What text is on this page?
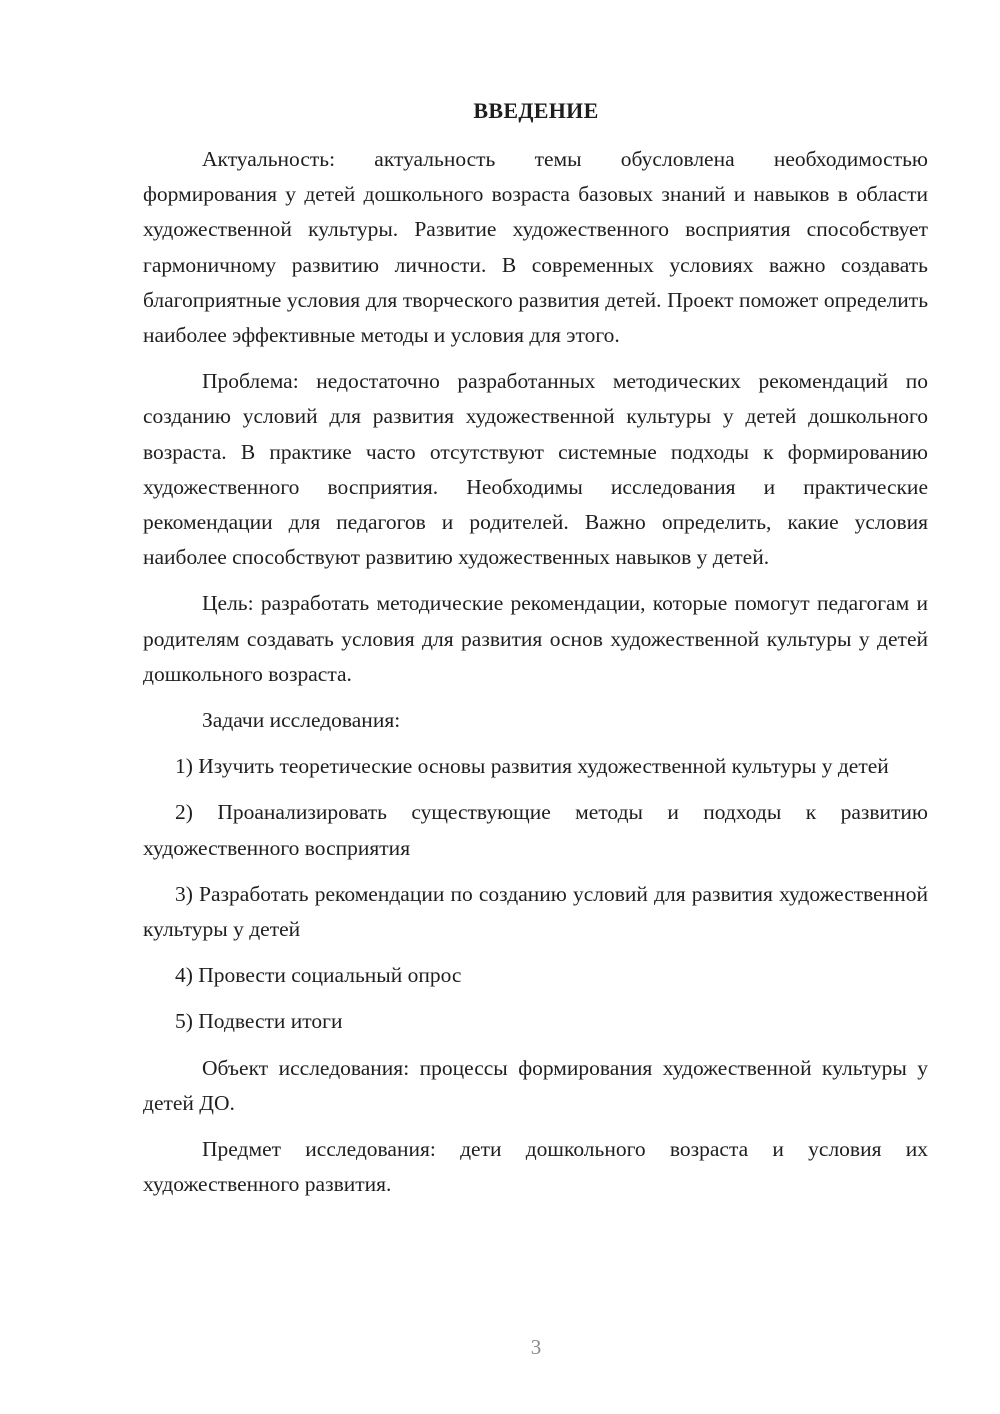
ВВЕДЕНИЕ

Актуальность: актуальность темы обусловлена необходимостью формирования у детей дошкольного возраста базовых знаний и навыков в области художественной культуры. Развитие художественного восприятия способствует гармоничному развитию личности. В современных условиях важно создавать благоприятные условия для творческого развития детей. Проект поможет определить наиболее эффективные методы и условия для этого.

Проблема: недостаточно разработанных методических рекомендаций по созданию условий для развития художественной культуры у детей дошкольного возраста. В практике часто отсутствуют системные подходы к формированию художественного восприятия. Необходимы исследования и практические рекомендации для педагогов и родителей. Важно определить, какие условия наиболее способствуют развитию художественных навыков у детей.

Цель: разработать методические рекомендации, которые помогут педагогам и родителям создавать условия для развития основ художественной культуры у детей дошкольного возраста.

Задачи исследования:

1) Изучить теоретические основы развития художественной культуры у детей

2) Проанализировать существующие методы и подходы к развитию художественного восприятия

3) Разработать рекомендации по созданию условий для развития художественной культуры у детей

4) Провести социальный опрос

5) Подвести итоги

Объект исследования: процессы формирования художественной культуры у детей ДО.

Предмет исследования: дети дошкольного возраста и условия их художественного развития.

3
